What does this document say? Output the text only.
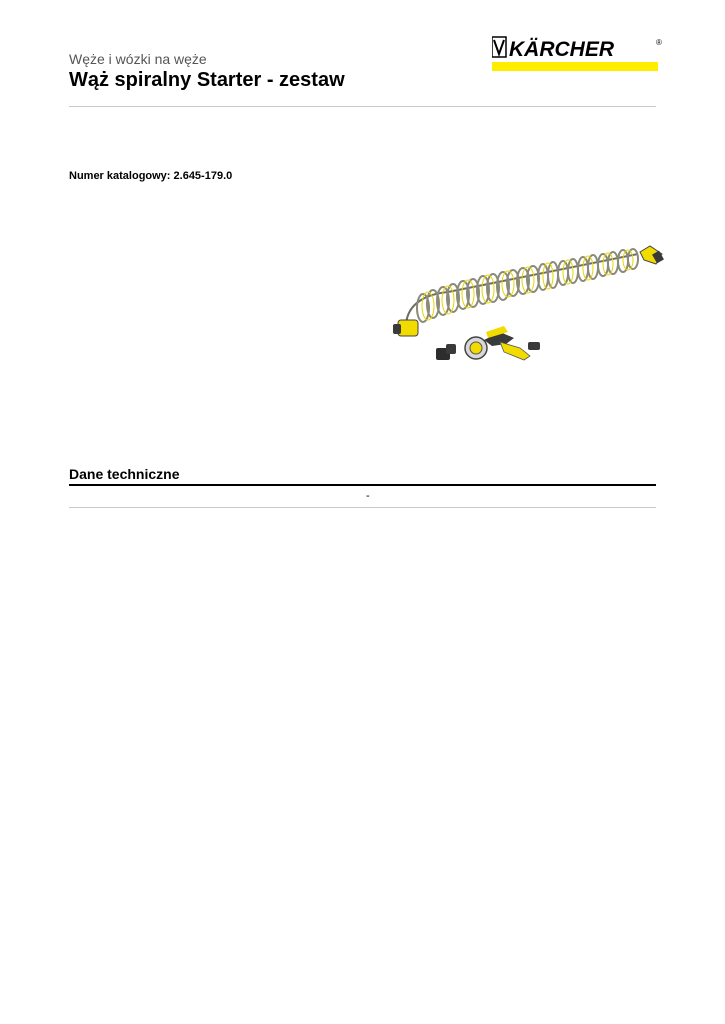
Węże i wózki na węże
Wąż spiralny Starter - zestaw
KÄRCHER	®
Numer katalogowy: 2.645-179.0
Dane techniczne
-
